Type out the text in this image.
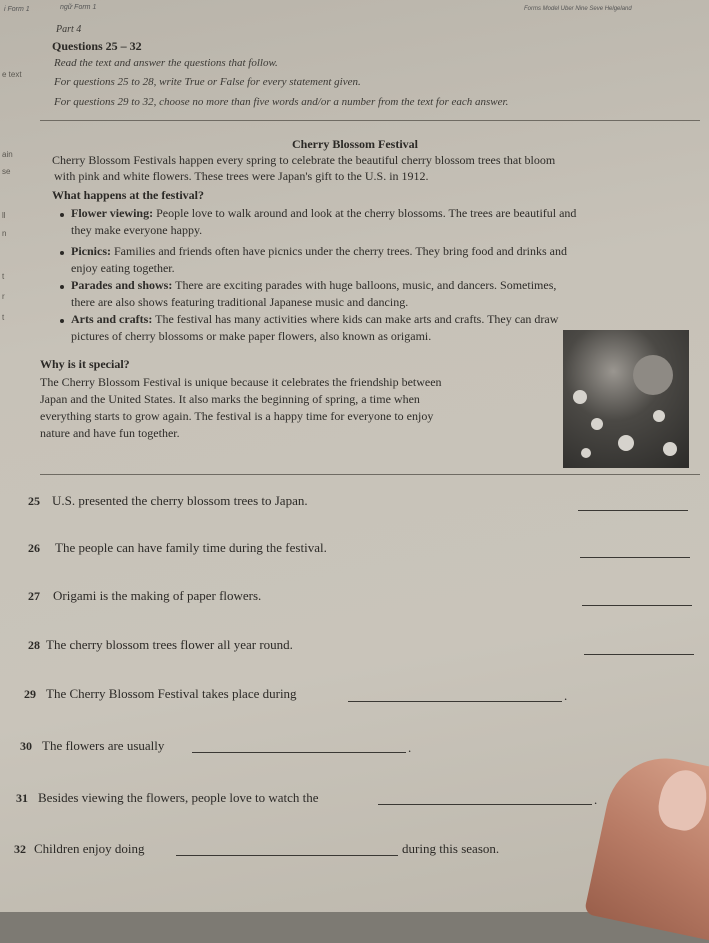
i Form 1	ngữ Form 1	Forms Model Uber Nine Seve Helgeland
Part 4
Questions 25 – 32
Read the text and answer the questions that follow.
For questions 25 to 28, write True or False for every statement given.
For questions 29 to 32, choose no more than five words and/or a number from the text for each answer.
e text
ain
se
ll
n
t
r
t
Cherry Blossom Festival
Cherry Blossom Festivals happen every spring to celebrate the beautiful cherry blossom trees that bloom
with pink and white flowers. These trees were Japan's gift to the U.S. in 1912.
What happens at the festival?
Flower viewing: People love to walk around and look at the cherry blossoms. The trees are beautiful and
they make everyone happy.
Picnics: Families and friends often have picnics under the cherry trees. They bring food and drinks and
enjoy eating together.
Parades and shows: There are exciting parades with huge balloons, music, and dancers. Sometimes,
there are also shows featuring traditional Japanese music and dancing.
Arts and crafts: The festival has many activities where kids can make arts and crafts. They can draw
pictures of cherry blossoms or make paper flowers, also known as origami.
Why is it special?
The Cherry Blossom Festival is unique because it celebrates the friendship between
Japan and the United States. It also marks the beginning of spring, a time when
everything starts to grow again. The festival is a happy time for everyone to enjoy
nature and have fun together.
25 U.S. presented the cherry blossom trees to Japan.
26 The people can have family time during the festival.
27 Origami is the making of paper flowers.
28 The cherry blossom trees flower all year round.
29 The Cherry Blossom Festival takes place during	.
30 The flowers are usually	.
31 Besides viewing the flowers, people love to watch the	.
32 Children enjoy doing	during this season.
